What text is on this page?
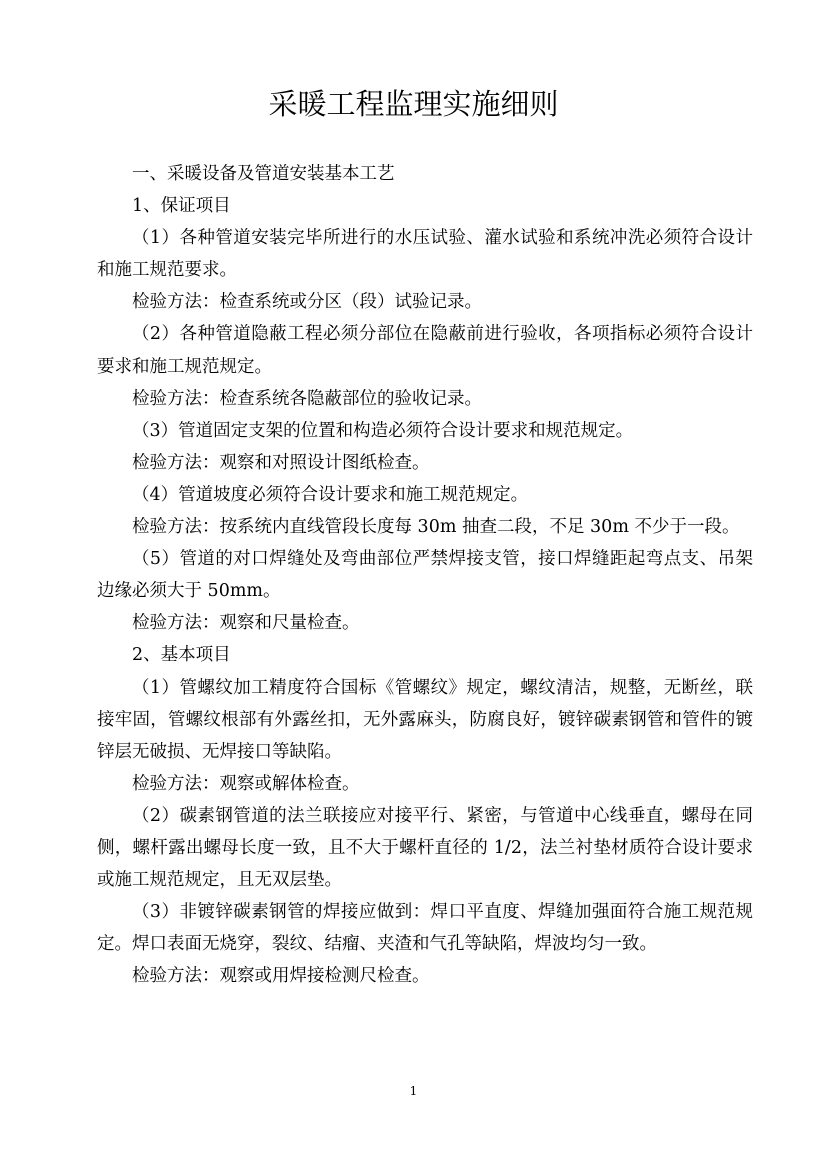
采暖工程监理实施细则

一、采暖设备及管道安装基本工艺

1、保证项目

（1）各种管道安装完毕所进行的水压试验、灌水试验和系统冲洗必须符合设计和施工规范要求。

检验方法：检查系统或分区（段）试验记录。

（2）各种管道隐蔽工程必须分部位在隐蔽前进行验收，各项指标必须符合设计要求和施工规范规定。

检验方法：检查系统各隐蔽部位的验收记录。

（3）管道固定支架的位置和构造必须符合设计要求和规范规定。

检验方法：观察和对照设计图纸检查。

（4）管道坡度必须符合设计要求和施工规范规定。

检验方法：按系统内直线管段长度每 30m 抽查二段，不足 30m 不少于一段。

（5）管道的对口焊缝处及弯曲部位严禁焊接支管，接口焊缝距起弯点支、吊架边缘必须大于 50mm。

检验方法：观察和尺量检查。

2、基本项目

（1）管螺纹加工精度符合国标《管螺纹》规定，螺纹清洁，规整，无断丝，联接牢固，管螺纹根部有外露丝扣，无外露麻头，防腐良好，镀锌碳素钢管和管件的镀锌层无破损、无焊接口等缺陷。

检验方法：观察或解体检查。

（2）碳素钢管道的法兰联接应对接平行、紧密，与管道中心线垂直，螺母在同侧，螺杆露出螺母长度一致，且不大于螺杆直径的 1/2，法兰衬垫材质符合设计要求或施工规范规定，且无双层垫。

（3）非镀锌碳素钢管的焊接应做到：焊口平直度、焊缝加强面符合施工规范规定。焊口表面无烧穿，裂纹、结瘤、夹渣和气孔等缺陷，焊波均匀一致。

检验方法：观察或用焊接检测尺检查。

1
